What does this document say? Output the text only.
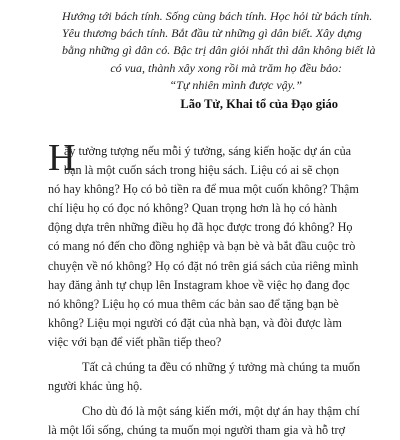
Hướng tới bách tính. Sống cùng bách tính. Học hỏi từ bách tính.
Yêu thương bách tính. Bắt đầu từ những gì dân biết. Xây dựng
bằng những gì dân có. Bậc trị dân giỏi nhất thì dân không biết là
có vua, thành xây xong rồi mà trăm họ đều bảo:
“Tự nhiên mình được vậy.”
Lão Tử, Khai tổ của Đạo giáo
H
ãy tưởng tượng nếu mỗi ý tưởng, sáng kiến hoặc dự án của
bạn là một cuốn sách trong hiệu sách. Liệu có ai sẽ chọn
nó hay không? Họ có bỏ tiền ra để mua một cuốn không? Thậm
chí liệu họ có đọc nó không? Quan trọng hơn là họ có hành
động dựa trên những điều họ đã học được trong đó không? Họ
có mang nó đến cho đồng nghiệp và bạn bè và bắt đầu cuộc trò
chuyện về nó không? Họ có đặt nó trên giá sách của riêng mình
hay đăng ảnh tự chụp lên Instagram khoe về việc họ đang đọc
nó không? Liệu họ có mua thêm các bản sao để tặng bạn bè
không? Liệu mọi người có đặt của nhà bạn, và đòi được làm
việc với bạn để viết phần tiếp theo?
Tất cả chúng ta đều có những ý tưởng mà chúng ta muốn
người khác ủng hộ.
Cho dù đó là một sáng kiến mới, một dự án hay thậm chí
là một lối sống, chúng ta muốn mọi người tham gia và hỗ trợ
